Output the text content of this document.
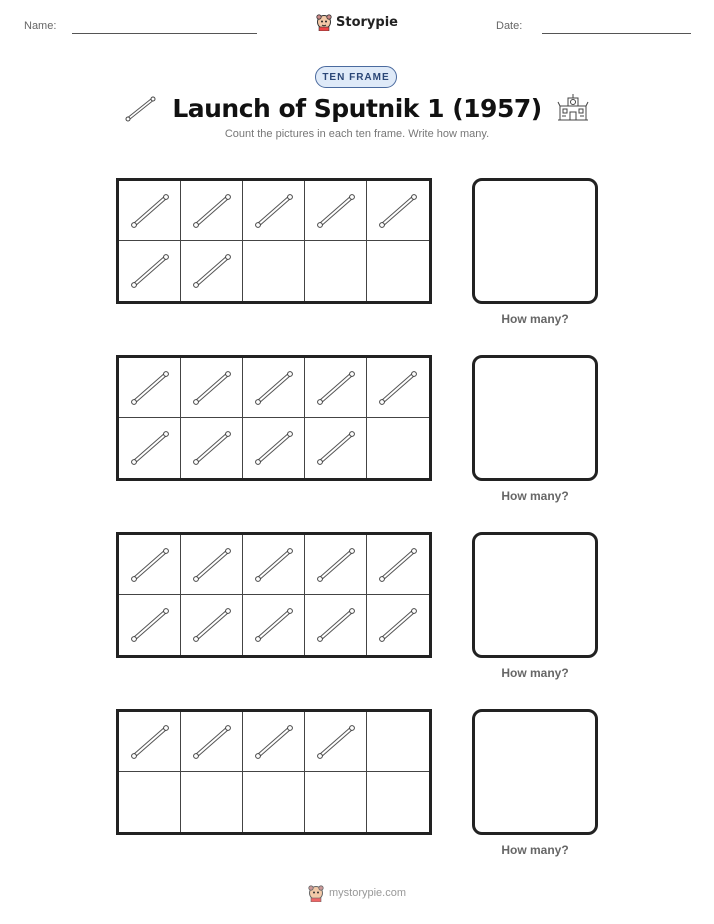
Name:	Storypie	Date:
TEN FRAME
Launch of Sputnik 1 (1957)
Count the pictures in each ten frame. Write how many.
How many?
How many?
How many?
How many?
mystorypie.com
